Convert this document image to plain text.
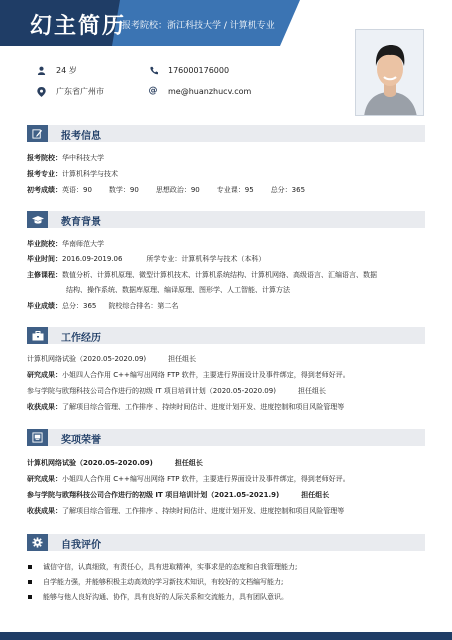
幻主简历
报考院校：浙江科技大学 / 计算机专业
24 岁	176000176000
广东省广州市	@ me@huanzhucv.com
报考信息
报考院校：华中科技大学
报考专业：计算机科学与技术
初考成绩：英语：90 数学：90 思想政治：90 专业课：95 总分：365
教育背景
毕业院校：华南师范大学
毕业时间：2016.09-2019.06	所学专业：计算机科学与技术（本科）
主修课程：数值分析、计算机原理、微型计算机技术、计算机系统结构、计算机网络、高级语言、汇编语言、数据
结构、操作系统、数据库原理、编译原理、图形学、人工智能、计算方法
毕业成绩：总分：365 院校综合排名：第二名
工作经历
计算机网络试验（2020.05-2020.09)	担任组长
研究成果：小姐四人合作用 C++编写出网络 FTP 软件，主要进行界面设计及事件绑定，得到老师好评。
参与学院与欧翔科技公司合作进行的初级 IT 项目培训计划（2020.05-2020.09)	担任组长
收获成果：了解项目综合管理、工作排序 、持续时间估计、进度计划开发、进度控制和项目风险管理等
奖项荣誉
计算机网络试验（2020.05-2020.09)	担任组长
研究成果：小姐四人合作用 C++编写出网络 FTP 软件，主要进行界面设计及事件绑定，得到老师好评。
参与学院与欧翔科技公司合作进行的初级 IT 项目培训计划（2021.05-2021.9)	担任组长
收获成果：了解项目综合管理、工作排序 、持续时间估计、进度计划开发、进度控制和项目风险管理等
自我评价
诚信守信，认真细致，有责任心，具有进取精神，实事求是的态度和自我管理能力;
自学能力强，并能够积极主动高效的学习新技术知识，有较好的文档编写能力;
能够与他人良好沟通、协作，具有良好的人际关系和交流能力，具有团队意识。
